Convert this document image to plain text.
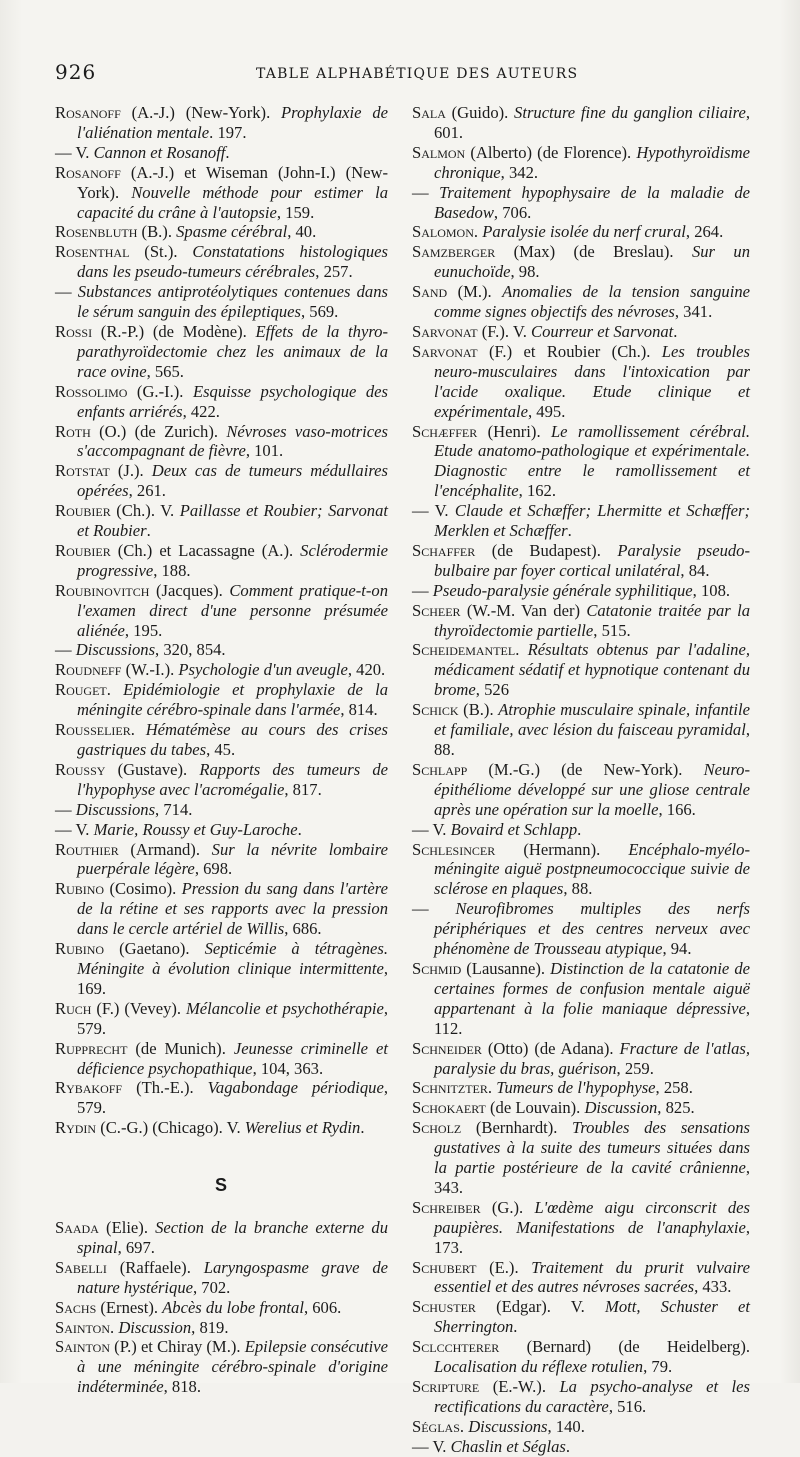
926	TABLE ALPHABÉTIQUE DES AUTEURS
Rosanoff (A.-J.) (New-York). Prophylaxie de l'aliénation mentale. 197.
— V. Cannon et Rosanoff.
Rosanoff (A.-J.) et Wiseman (John-I.) (New-York). Nouvelle méthode pour estimer la capacité du crâne à l'autopsie, 159.
Rosenbluth (B.). Spasme cérébral, 40.
Rosenthal (St.). Constatations histologiques dans les pseudo-tumeurs cérébrales, 257.
— Substances antiprotéolytiques contenues dans le sérum sanguin des épileptiques, 569.
Rossi (R.-P.) (de Modène). Effets de la thyro-parathyroïdectomie chez les animaux de la race ovine, 565.
Rossolimo (G.-I.). Esquisse psychologique des enfants arriérés, 422.
Roth (O.) (de Zurich). Névroses vaso-motrices s'accompagnant de fièvre, 101.
Rotstat (J.). Deux cas de tumeurs médullaires opérées, 261.
Roubier (Ch.). V. Paillasse et Roubier; Sarvonat et Roubier.
Roubier (Ch.) et Lacassagne (A.). Sclérodermie progressive, 188.
Roubinovitch (Jacques). Comment pratique-t-on l'examen direct d'une personne présumée aliénée, 195.
— Discussions, 320, 854.
Roudneff (W.-I.). Psychologie d'un aveugle, 420.
Rouget. Epidémiologie et prophylaxie de la méningite cérébro-spinale dans l'armée, 814.
Rousselier. Hématémèse au cours des crises gastriques du tabes, 45.
Roussy (Gustave). Rapports des tumeurs de l'hypophyse avec l'acromégalie, 817.
— Discussions, 714.
— V. Marie, Roussy et Guy-Laroche.
Routhier (Armand). Sur la névrite lombaire puerpérale légère, 698.
Rubino (Cosimo). Pression du sang dans l'artère de la rétine et ses rapports avec la pression dans le cercle artériel de Willis, 686.
Rubino (Gaetano). Septicémie à tétragènes. Méningite à évolution clinique intermittente, 169.
Ruch (F.) (Vevey). Mélancolie et psychothérapie, 579.
Rupprecht (de Munich). Jeunesse criminelle et déficience psychopathique, 104, 363.
Rybakoff (Th.-E.). Vagabondage périodique, 579.
Rydin (C.-G.) (Chicago). V. Werelius et Rydin.
S
Saada (Elie). Section de la branche externe du spinal, 697.
Sabelli (Raffaele). Laryngospasme grave de nature hystérique, 702.
Sachs (Ernest). Abcès du lobe frontal, 606.
Sainton. Discussion, 819.
Sainton (P.) et Chiray (M.). Epilepsie consécutive à une méningite cérébro-spinale d'origine indéterminée, 818.
Sala (Guido). Structure fine du ganglion ciliaire, 601.
Salmon (Alberto) (de Florence). Hypothyroïdisme chronique, 342.
— Traitement hypophysaire de la maladie de Basedow, 706.
Salomon. Paralysie isolée du nerf crural, 264.
Samzberger (Max) (de Breslau). Sur un eunuchoïde, 98.
Sand (M.). Anomalies de la tension sanguine comme signes objectifs des névroses, 341.
Sarvonat (F.). V. Courreur et Sarvonat.
Sarvonat (F.) et Roubier (Ch.). Les troubles neuro-musculaires dans l'intoxication par l'acide oxalique. Etude clinique et expérimentale, 495.
Schæffer (Henri). Le ramollissement cérébral. Etude anatomo-pathologique et expérimentale. Diagnostic entre le ramollissement et l'encéphalite, 162.
— V. Claude et Schæffer; Lhermitte et Schæffer; Merklen et Schæffer.
Schaffer (de Budapest). Paralysie pseudo-bulbaire par foyer cortical unilatéral, 84.
— Pseudo-paralysie générale syphilitique, 108.
Scheer (W.-M. Van der) Catatonie traitée par la thyroïdectomie partielle, 515.
Scheidemantel. Résultats obtenus par l'adaline, médicament sédatif et hypnotique contenant du brome, 526
Schick (B.). Atrophie musculaire spinale, infantile et familiale, avec lésion du faisceau pyramidal, 88.
Schlapp (M.-G.) (de New-York). Neuro-épithéliome développé sur une gliose centrale après une opération sur la moelle, 166.
— V. Bovaird et Schlapp.
Schlesincer (Hermann). Encéphalo-myélo-méningite aiguë postpneumococcique suivie de sclérose en plaques, 88.
— Neurofibromes multiples des nerfs périphériques et des centres nerveux avec phénomène de Trousseau atypique, 94.
Schmid (Lausanne). Distinction de la catatonie de certaines formes de confusion mentale aiguë appartenant à la folie maniaque dépressive, 112.
Schneider (Otto) (de Adana). Fracture de l'atlas, paralysie du bras, guérison, 259.
Schnitzter. Tumeurs de l'hypophyse, 258.
Schokaert (de Louvain). Discussion, 825.
Scholz (Bernhardt). Troubles des sensations gustatives à la suite des tumeurs situées dans la partie postérieure de la cavité crânienne, 343.
Schreiber (G.). L'œdème aigu circonscrit des paupières. Manifestations de l'anaphylaxie, 173.
Schubert (E.). Traitement du prurit vulvaire essentiel et des autres névroses sacrées, 433.
Schuster (Edgar). V. Mott, Schuster et Sherrington.
Sclcchterer (Bernard) (de Heidelberg). Localisation du réflexe rotulien, 79.
Scripture (E.-W.). La psycho-analyse et les rectifications du caractère, 516.
Séglas. Discussions, 140.
— V. Chaslin et Séglas.
